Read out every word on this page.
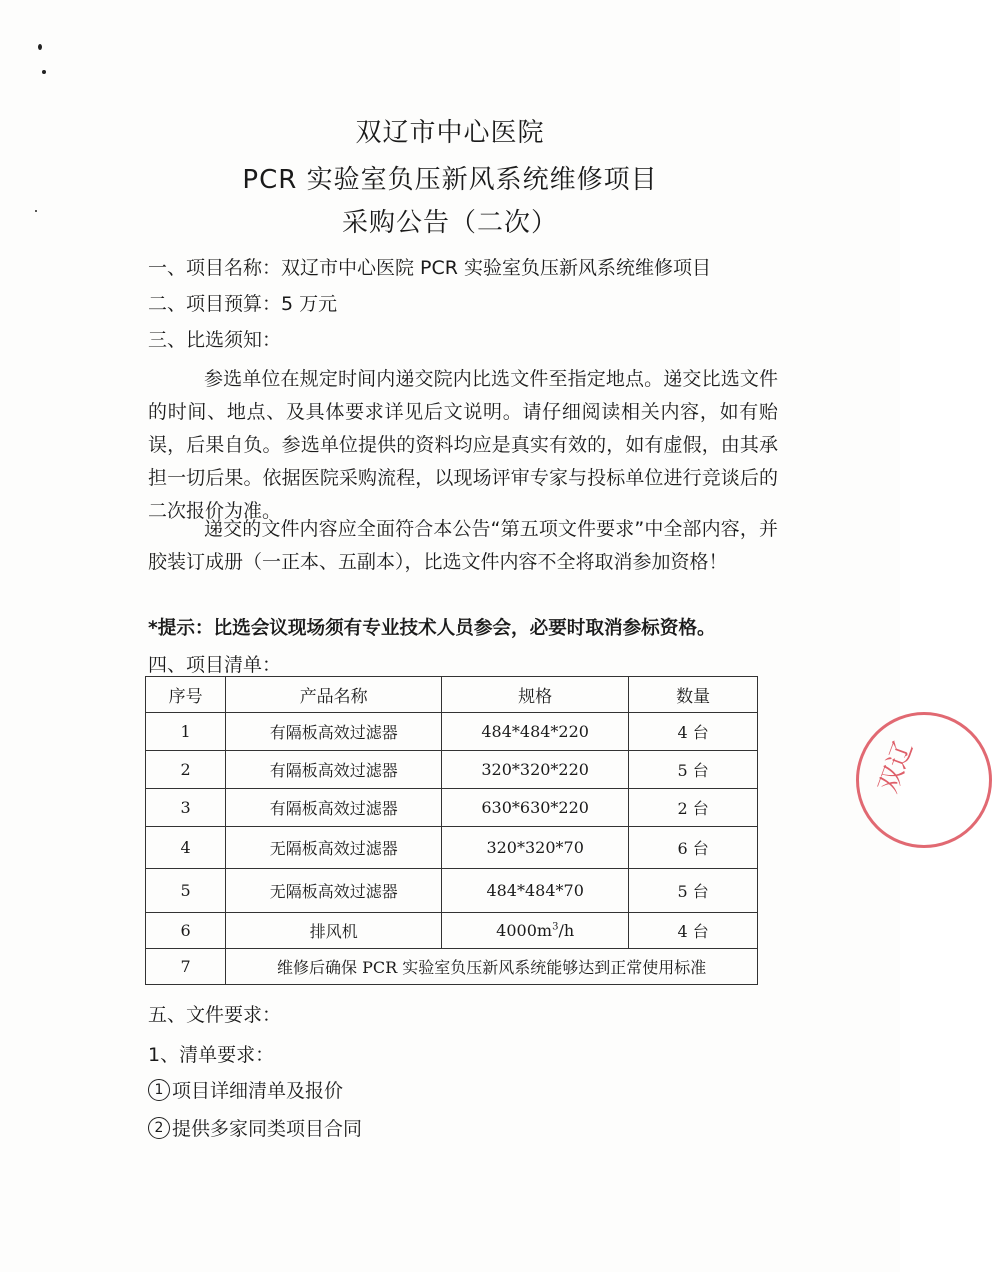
双辽市中心医院
PCR 实验室负压新风系统维修项目
采购公告（二次）
一、项目名称：双辽市中心医院 PCR 实验室负压新风系统维修项目
二、项目预算：5 万元
三、比选须知：
参选单位在规定时间内递交院内比选文件至指定地点。递交比选文件的时间、地点、及具体要求详见后文说明。请仔细阅读相关内容，如有贻误，后果自负。参选单位提供的资料均应是真实有效的，如有虚假，由其承担一切后果。依据医院采购流程，以现场评审专家与投标单位进行竞谈后的二次报价为准。
递交的文件内容应全面符合本公告“第五项文件要求”中全部内容，并胶装订成册（一正本、五副本），比选文件内容不全将取消参加资格！
*提示：比选会议现场须有专业技术人员参会，必要时取消参标资格。
四、项目清单：
序号	产品名称	规格	数量
1	有隔板高效过滤器	484*484*220	4 台
2	有隔板高效过滤器	320*320*220	5 台
3	有隔板高效过滤器	630*630*220	2 台
4	无隔板高效过滤器	320*320*70	6 台
5	无隔板高效过滤器	484*484*70	5 台
6	排风机	$4000m^3/h$	4 台
7	维修后确保 PCR 实验室负压新风系统能够达到正常使用标准		
五、文件要求：
1、清单要求：
1 项目详细清单及报价
2 提供多家同类项目合同
双辽
